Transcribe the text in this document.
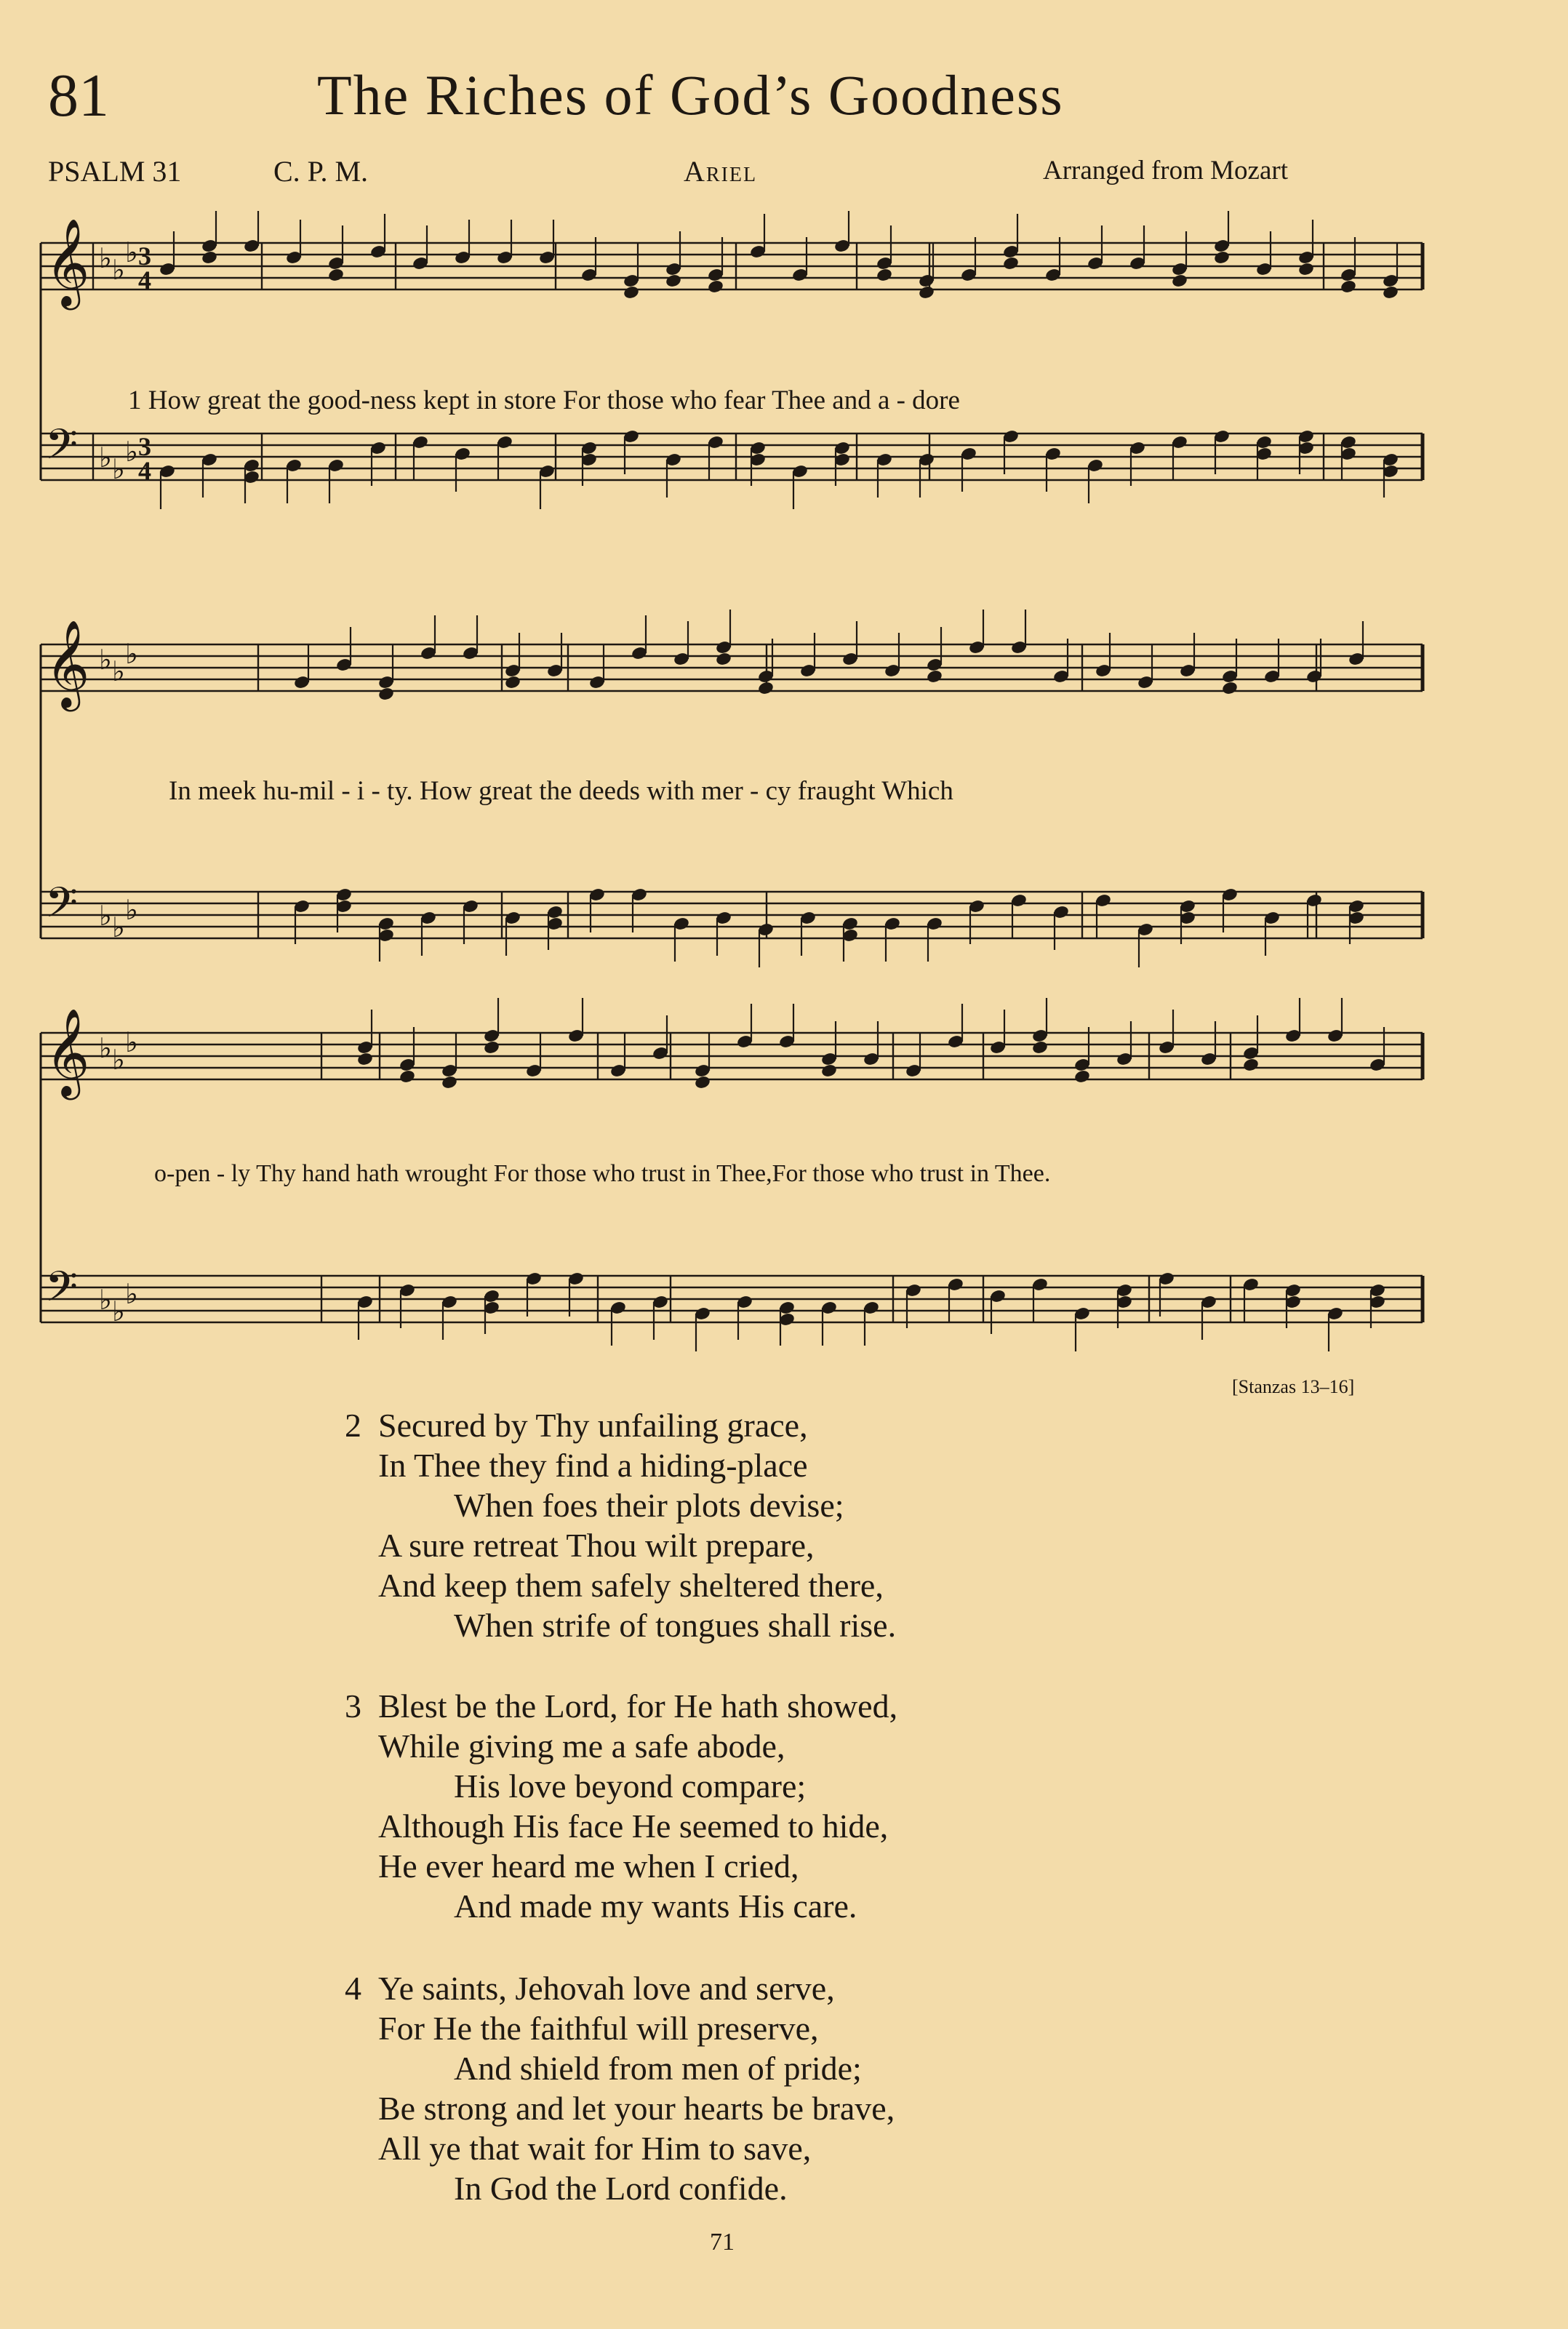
81	The Riches of God’s Goodness
PSALM 31	C. P. M.	Ariel	Arranged from Mozart
𝄞 ♭ ♭
♭
𝄢 ♭ ♭
♭
𝄞 ♭ ♭
♭
𝄢 ♭ ♭
♭
𝄞 ♭ ♭
♭
𝄢 ♭ ♭
♭
3
4
3
4
1 How great the good-ness kept in store For those who fear Thee and a - dore
In meek hu-mil - i - ty. How great the deeds with mer - cy fraught Which
o-pen - ly Thy hand hath wrought For those who trust in Thee,For those who trust in Thee.
[Stanzas 13–16]
2 Secured by Thy unfailing grace,
In Thee they find a hiding-place
When foes their plots devise;
A sure retreat Thou wilt prepare,
And keep them safely sheltered there,
When strife of tongues shall rise.
3 Blest be the Lord, for He hath showed,
While giving me a safe abode,
His love beyond compare;
Although His face He seemed to hide,
He ever heard me when I cried,
And made my wants His care.
4 Ye saints, Jehovah love and serve,
For He the faithful will preserve,
And shield from men of pride;
Be strong and let your hearts be brave,
All ye that wait for Him to save,
In God the Lord confide.
71
